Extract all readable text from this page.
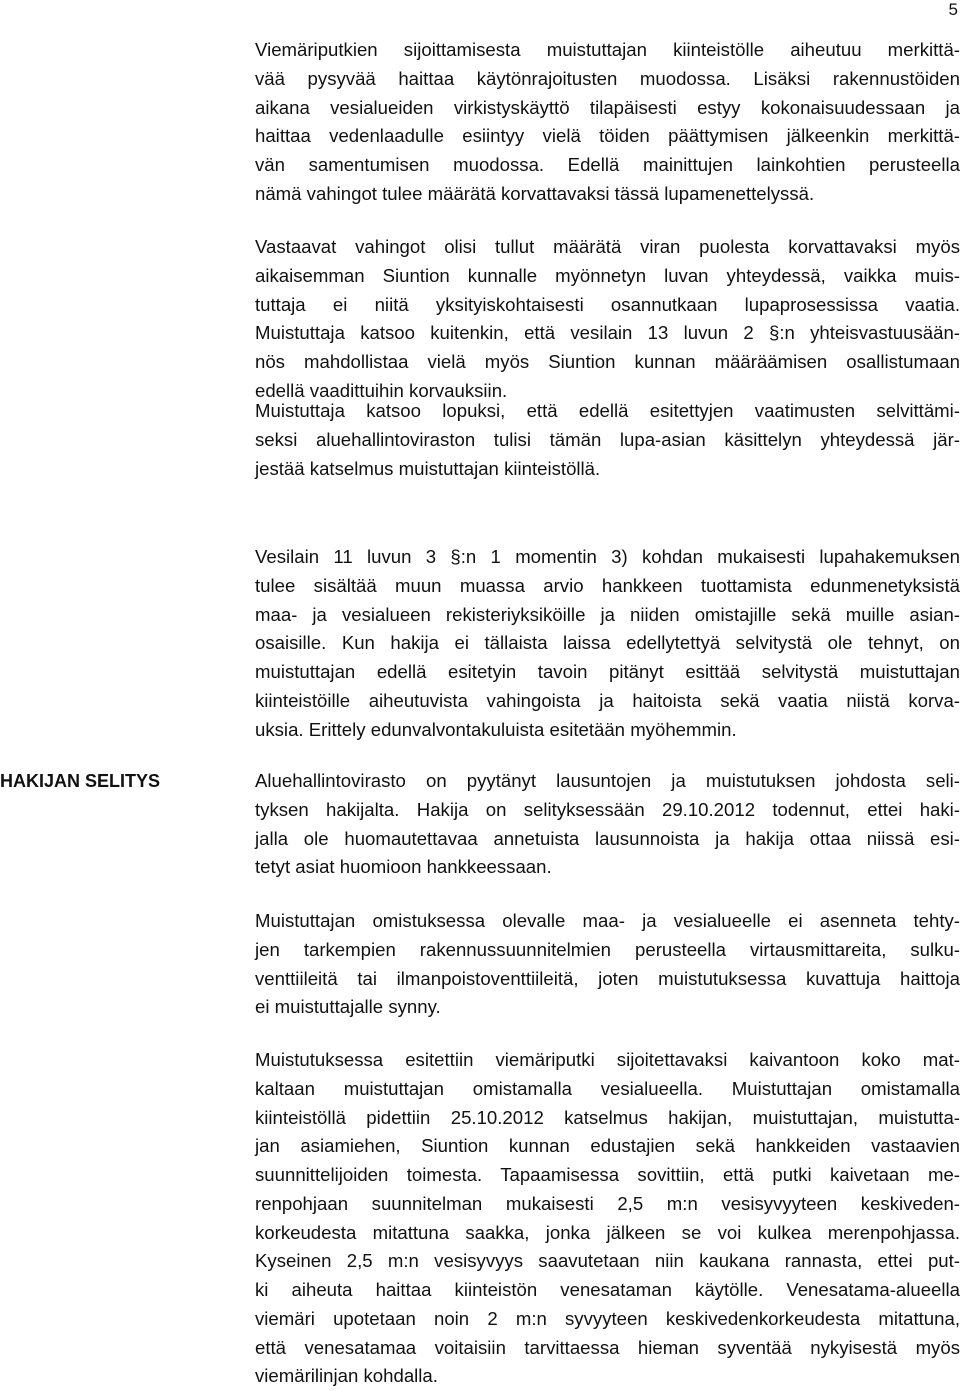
5
HAKIJAN SELITYS
Viemäriputkien sijoittamisesta muistuttajan kiinteistölle aiheutuu merkittä-
vää pysyvää haittaa käytönrajoitusten muodossa. Lisäksi rakennustöiden
aikana vesialueiden virkistyskäyttö tilapäisesti estyy kokonaisuudessaan ja
haittaa vedenlaadulle esiintyy vielä töiden päättymisen jälkeenkin merkittä-
vän samentumisen muodossa. Edellä mainittujen lainkohtien perusteella
nämä vahingot tulee määrätä korvattavaksi tässä lupamenettelyssä.
Vastaavat vahingot olisi tullut määrätä viran puolesta korvattavaksi myös
aikaisemman Siuntion kunnalle myönnetyn luvan yhteydessä, vaikka muis-
tuttaja ei niitä yksityiskohtaisesti osannutkaan lupaprosessissa vaatia.
Muistuttaja katsoo kuitenkin, että vesilain 13 luvun 2 §:n yhteisvastuusään-
nös mahdollistaa vielä myös Siuntion kunnan määräämisen osallistumaan
edellä vaadittuihin korvauksiin.
Muistuttaja katsoo lopuksi, että edellä esitettyjen vaatimusten selvittämi-
seksi aluehallintoviraston tulisi tämän lupa-asian käsittelyn yhteydessä jär-
jestää katselmus muistuttajan kiinteistöllä.
Vesilain 11 luvun 3 §:n 1 momentin 3) kohdan mukaisesti lupahakemuksen
tulee sisältää muun muassa arvio hankkeen tuottamista edunmenetyksistä
maa- ja vesialueen rekisteriyksiköille ja niiden omistajille sekä muille asian-
osaisille. Kun hakija ei tällaista laissa edellytettyä selvitystä ole tehnyt, on
muistuttajan edellä esitetyin tavoin pitänyt esittää selvitystä muistuttajan
kiinteistöille aiheutuvista vahingoista ja haitoista sekä vaatia niistä korva-
uksia. Erittely edunvalvontakuluista esitetään myöhemmin.
Aluehallintovirasto on pyytänyt lausuntojen ja muistutuksen johdosta seli-
tyksen hakijalta. Hakija on selityksessään 29.10.2012 todennut, ettei haki-
jalla ole huomautettavaa annetuista lausunnoista ja hakija ottaa niissä esi-
tetyt asiat huomioon hankkeessaan.
Muistuttajan omistuksessa olevalle maa- ja vesialueelle ei asenneta tehty-
jen tarkempien rakennussuunnitelmien perusteella virtausmittareita, sulku-
venttiileitä tai ilmanpoistoventtiileitä, joten muistutuksessa kuvattuja haittoja
ei muistuttajalle synny.
Muistutuksessa esitettiin viemäriputki sijoitettavaksi kaivantoon koko mat-
kaltaan muistuttajan omistamalla vesialueella. Muistuttajan omistamalla
kiinteistöllä pidettiin 25.10.2012 katselmus hakijan, muistuttajan, muistutta-
jan asiamiehen, Siuntion kunnan edustajien sekä hankkeiden vastaavien
suunnittelijoiden toimesta. Tapaamisessa sovittiin, että putki kaivetaan me-
renpohjaan suunnitelman mukaisesti 2,5 m:n vesisyvyyteen keskiveden-
korkeudesta mitattuna saakka, jonka jälkeen se voi kulkea merenpohjassa.
Kyseinen 2,5 m:n vesisyvyys saavutetaan niin kaukana rannasta, ettei put-
ki aiheuta haittaa kiinteistön venesataman käytölle. Venesatama-alueella
viemäri upotetaan noin 2 m:n syvyyteen keskivedenkorkeudesta mitattuna,
että venesatamaa voitaisiin tarvittaessa hieman syventää nykyisestä myös
viemärilinjan kohdalla.
